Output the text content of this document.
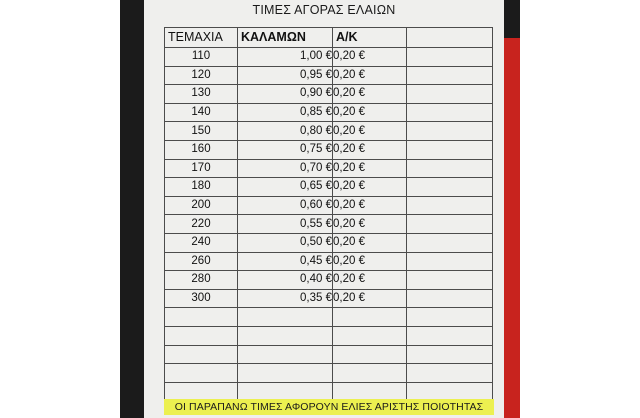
ΤΙΜΕΣ ΑΓΟΡΑΣ ΕΛΑΙΩΝ
ΤΕΜΑΧΙΑ	ΚΑΛΑΜΩΝ	Α/Κ	
110	1,00 €	0,20 €	
120	0,95 €	0,20 €	
130	0,90 €	0,20 €	
140	0,85 €	0,20 €	
150	0,80 €	0,20 €	
160	0,75 €	0,20 €	
170	0,70 €	0,20 €	
180	0,65 €	0,20 €	
200	0,60 €	0,20 €	
220	0,55 €	0,20 €	
240	0,50 €	0,20 €	
260	0,45 €	0,20 €	
280	0,40 €	0,20 €	
300	0,35 €	0,20 €	

ΟΙ ΠΑΡΑΠΑΝΩ ΤΙΜΕΣ ΑΦΟΡΟΥΝ ΕΛΙΕΣ ΑΡΙΣΤΗΣ ΠΟΙΟΤΗΤΑΣ
